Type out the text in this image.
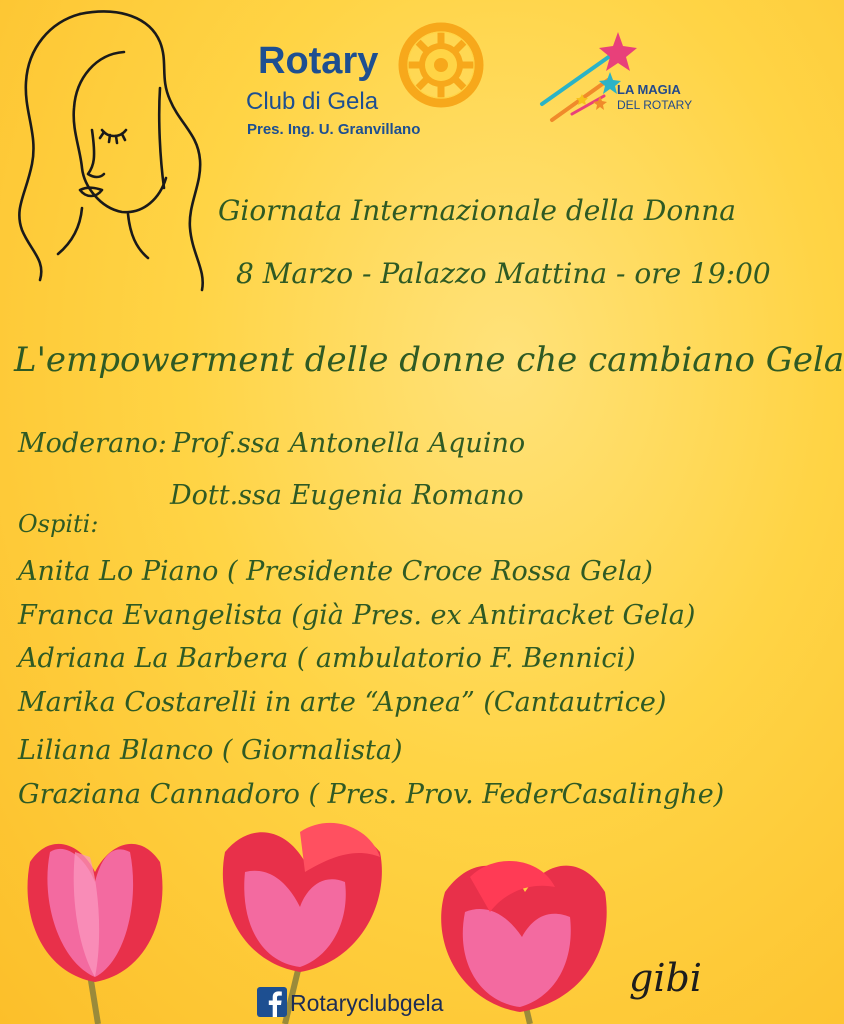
Rotary
Club di Gela
Pres. Ing. U. Granvillano
LA MAGIA
DEL ROTARY
Giornata Internazionale della Donna
8 Marzo - Palazzo Mattina - ore 19:00
L'empowerment delle donne che cambiano Gela
Moderano: Prof.ssa Antonella Aquino
Dott.ssa Eugenia Romano
Ospiti:
Anita Lo Piano ( Presidente Croce Rossa Gela)
Franca Evangelista (già Pres. ex Antiracket Gela)
Adriana La Barbera ( ambulatorio F. Bennici)
Marika Costarelli in arte “Apnea” (Cantautrice)
Liliana Blanco ( Giornalista)
Graziana Cannadoro ( Pres. Prov. FederCasalinghe)
gibi
Rotaryclubgela
